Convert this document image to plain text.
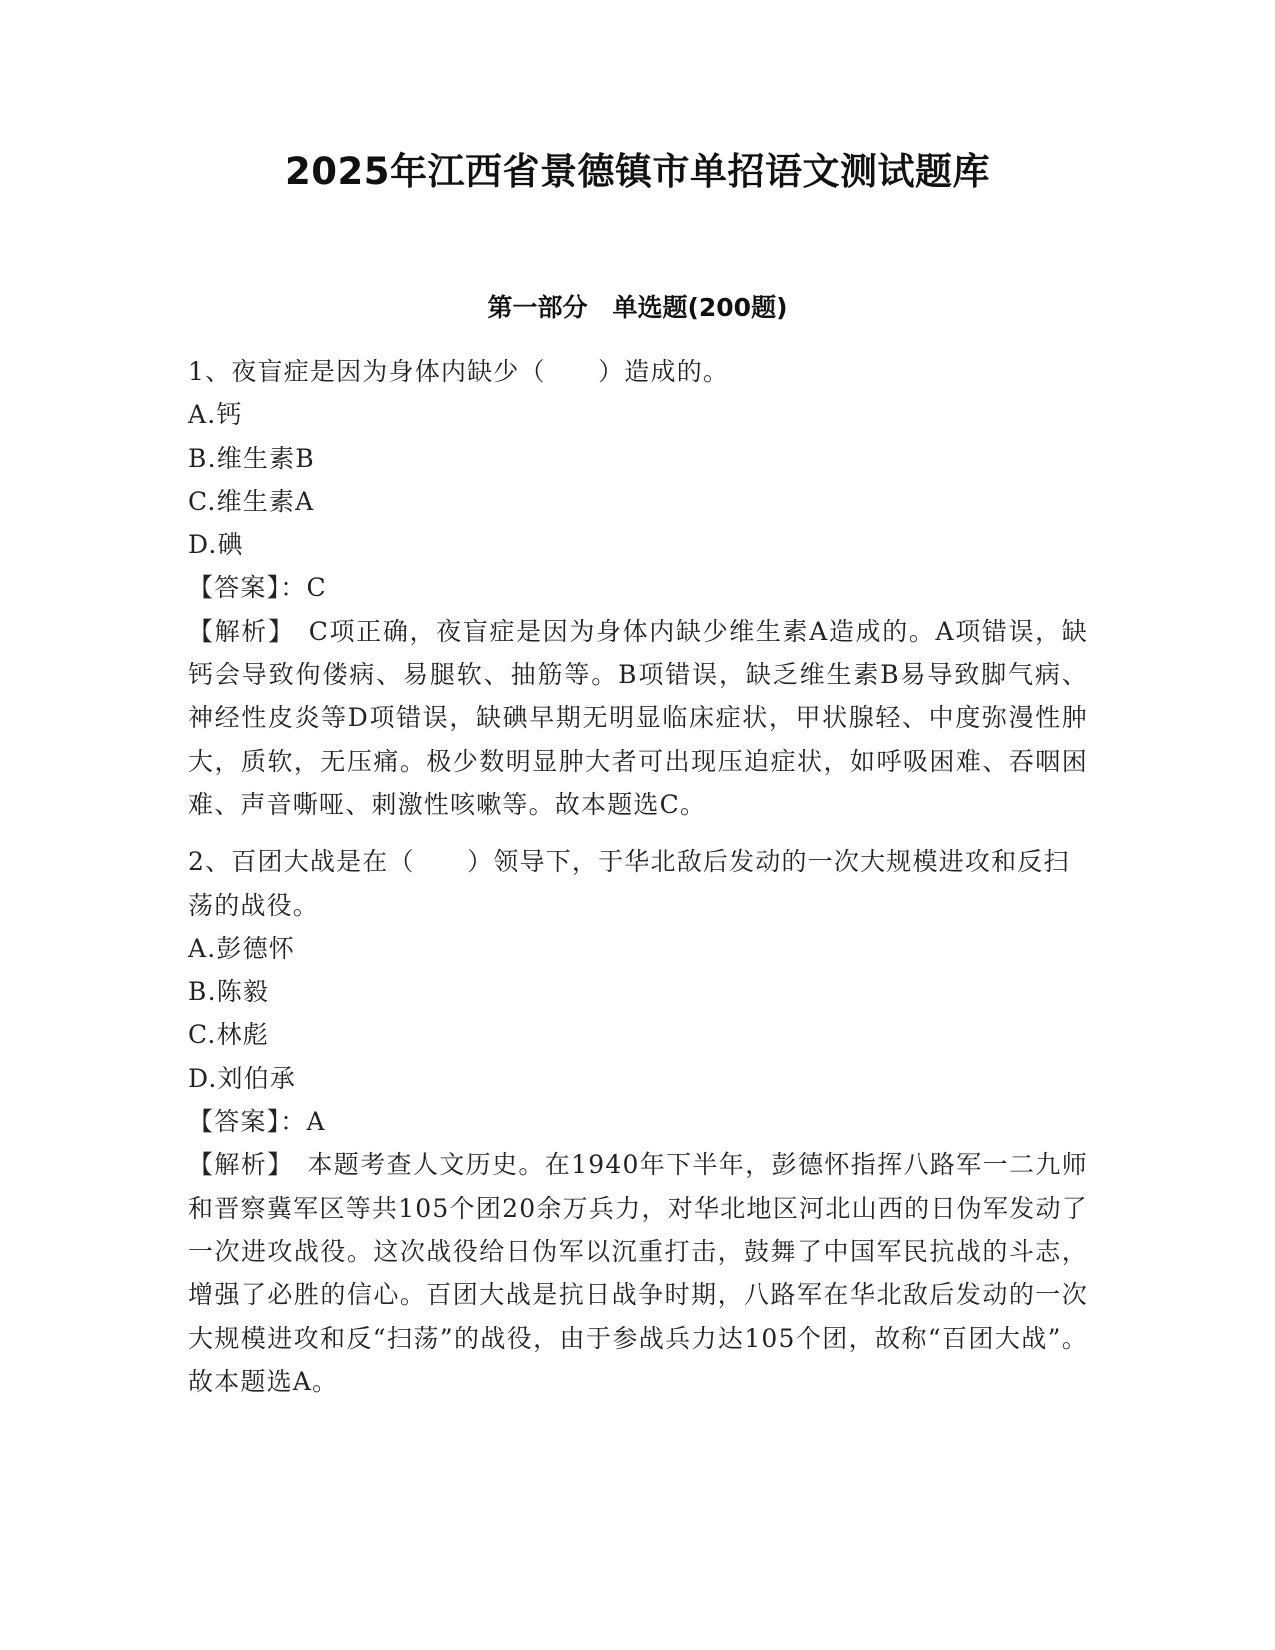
2025年江西省景德镇市单招语文测试题库
第一部分　单选题(200题)

1、夜盲症是因为身体内缺少（　　）造成的。

A.钙

B.维生素B

C.维生素A

D.碘

【答案】：C

【解析】　C项正确，夜盲症是因为身体内缺少维生素A造成的。A项错误，缺钙会导致佝偻病、易腿软、抽筋等。B项错误，缺乏维生素B易导致脚气病、神经性皮炎等D项错误，缺碘早期无明显临床症状，甲状腺轻、中度弥漫性肿大，质软，无压痛。极少数明显肿大者可出现压迫症状，如呼吸困难、吞咽困难、声音嘶哑、刺激性咳嗽等。故本题选C。

2、百团大战是在（　　）领导下，于华北敌后发动的一次大规模进攻和反扫荡的战役。

A.彭德怀

B.陈毅

C.林彪

D.刘伯承

【答案】：A

【解析】　本题考查人文历史。在1940年下半年，彭德怀指挥八路军一二九师和晋察冀军区等共105个团20余万兵力，对华北地区河北山西的日伪军发动了一次进攻战役。这次战役给日伪军以沉重打击，鼓舞了中国军民抗战的斗志，增强了必胜的信心。百团大战是抗日战争时期，八路军在华北敌后发动的一次大规模进攻和反“扫荡”的战役，由于参战兵力达105个团，故称“百团大战”。故本题选A。
